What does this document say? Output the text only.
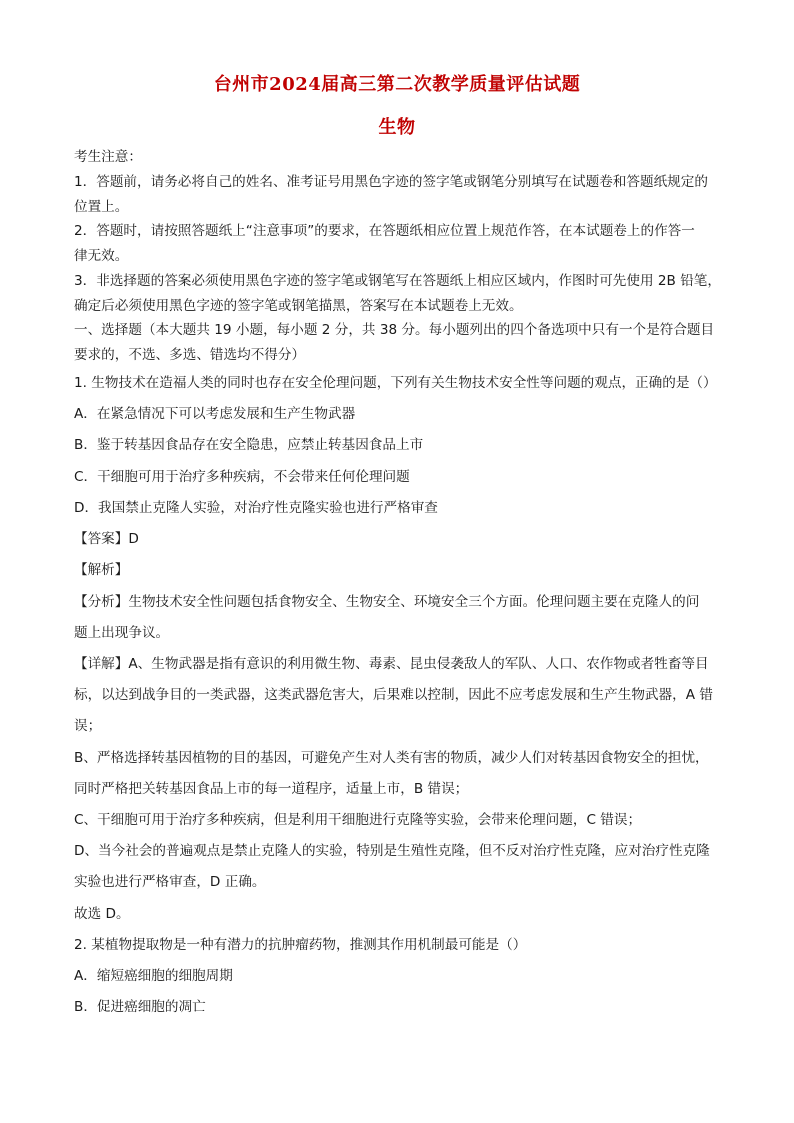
台州市2024届高三第二次教学质量评估试题
生物
考生注意：
1．答题前，请务必将自己的姓名、准考证号用黑色字迹的签字笔或钢笔分别填写在试题卷和答题纸规定的
位置上。
2．答题时，请按照答题纸上“注意事项”的要求，在答题纸相应位置上规范作答，在本试题卷上的作答一
律无效。
3．非选择题的答案必须使用黑色字迹的签字笔或钢笔写在答题纸上相应区域内，作图时可先使用 2B 铅笔，
确定后必须使用黑色字迹的签字笔或钢笔描黑，答案写在本试题卷上无效。
一、选择题（本大题共 19 小题，每小题 2 分，共 38 分。每小题列出的四个备选项中只有一个是符合题目
要求的，不选、多选、错选均不得分）
1. 生物技术在造福人类的同时也存在安全伦理问题，下列有关生物技术安全性等问题的观点，正确的是（）
A．在紧急情况下可以考虑发展和生产生物武器
B．鉴于转基因食品存在安全隐患，应禁止转基因食品上市
C．干细胞可用于治疗多种疾病，不会带来任何伦理问题
D．我国禁止克隆人实验，对治疗性克隆实验也进行严格审查
【答案】D
【解析】
【分析】生物技术安全性问题包括食物安全、生物安全、环境安全三个方面。伦理问题主要在克隆人的问
题上出现争议。
【详解】A、生物武器是指有意识的利用微生物、毒素、昆虫侵袭敌人的军队、人口、农作物或者牲畜等目
标，以达到战争目的一类武器，这类武器危害大，后果难以控制，因此不应考虑发展和生产生物武器，A 错
误；
B、严格选择转基因植物的目的基因，可避免产生对人类有害的物质，减少人们对转基因食物安全的担忧，
同时严格把关转基因食品上市的每一道程序，适量上市，B 错误；
C、干细胞可用于治疗多种疾病，但是利用干细胞进行克隆等实验，会带来伦理问题，C 错误；
D、当今社会的普遍观点是禁止克隆人的实验，特别是生殖性克隆，但不反对治疗性克隆，应对治疗性克隆
实验也进行严格审查，D 正确。
故选 D。
2. 某植物提取物是一种有潜力的抗肿瘤药物，推测其作用机制最可能是（）
A．缩短癌细胞的细胞周期
B．促进癌细胞的凋亡
